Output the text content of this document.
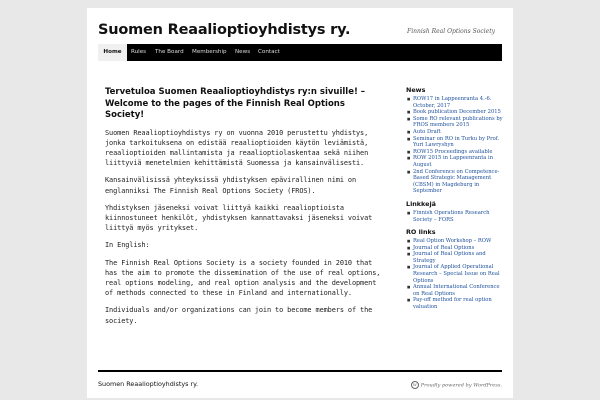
Suomen Reaalioptioyhdistys ry.	Finnish Real Options Society
Home	Rules The Board Membership News Contact
Tervetuloa Suomen Reaalioptioyhdistys ry:n sivuille! – Welcome to the pages of the Finnish Real Options Society!

Suomen Reaalioptioyhdistys ry on vuonna 2010 perustettu yhdistys, jonka tarkoituksena on edistää reaalioptioiden käytön leviämistä, reaalioptioiden mallintamista ja reaalioptiolaskentaa sekä niihen liittyviä menetelmien kehittämistä Suomessa ja kansainvälisesti.

Kansainvälisissä yhteyksissä yhdistyksen epävirallinen nimi on englanniksi The Finnish Real Options Society (FROS).

Yhdistyksen jäseneksi voivat liittyä kaikki reaalioptioista kiinnostuneet henkilöt, yhdistyksen kannattavaksi jäseneksi voivat liittyä myös yritykset.

In English:

The Finnish Real Options Society is a society founded in 2010 that has the aim to promote the dissemination of the use of real options, real options modeling, and real option analysis and the development of methods connected to these in Finland and internationally.

Individuals and/or organizations can join to become members of the society.

News
■ ROW17 in Lappeenranta 4.-6. October, 2017
■ Book publication December 2015
■ Some RO relevant publications by FROS members 2015
■ Auto Draft
■ Seminar on RO in Turku by Prof. Yuri Lawryshyn
■ ROW15 Proceedings available
■ ROW 2015 in Lappeenranta in August
■ 2nd Conference on Competence-Based Strategic Management (CBSM) in Magdeburg in September
Linkkejä
■ Finnish Operations Research Society – FORS
RO links
■ Real Option Workshop – ROW
■ Journal of Real Options
■ Journal of Real Options and Strategy
■ Journal of Applied Operational Research – Special Issue on Real Options
■ Annual International Conference on Real Options
■ Pay-off method for real option valuation
Suomen Reaalioptioyhdistys ry.	W Proudly powered by WordPress.
